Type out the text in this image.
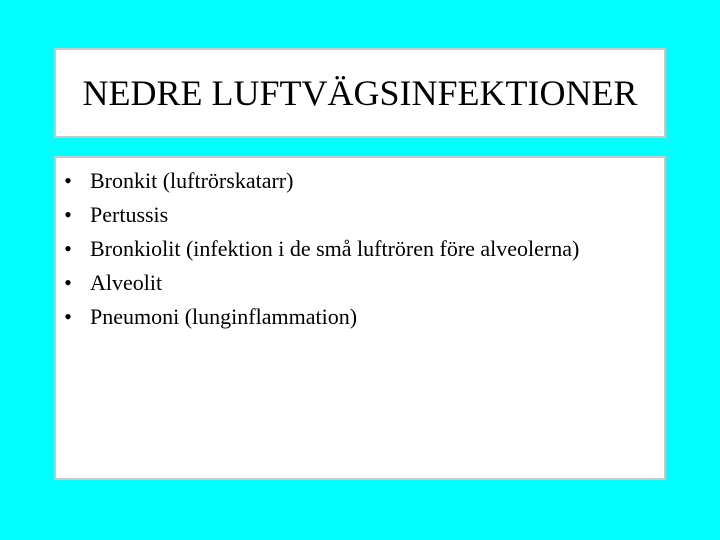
NEDRE LUFTVÄGSINFEKTIONER
• Bronkit (luftrörskatarr)
• Pertussis
• Bronkiolit (infektion i de små luftrören före alveolerna)
• Alveolit
• Pneumoni (lunginflammation)
